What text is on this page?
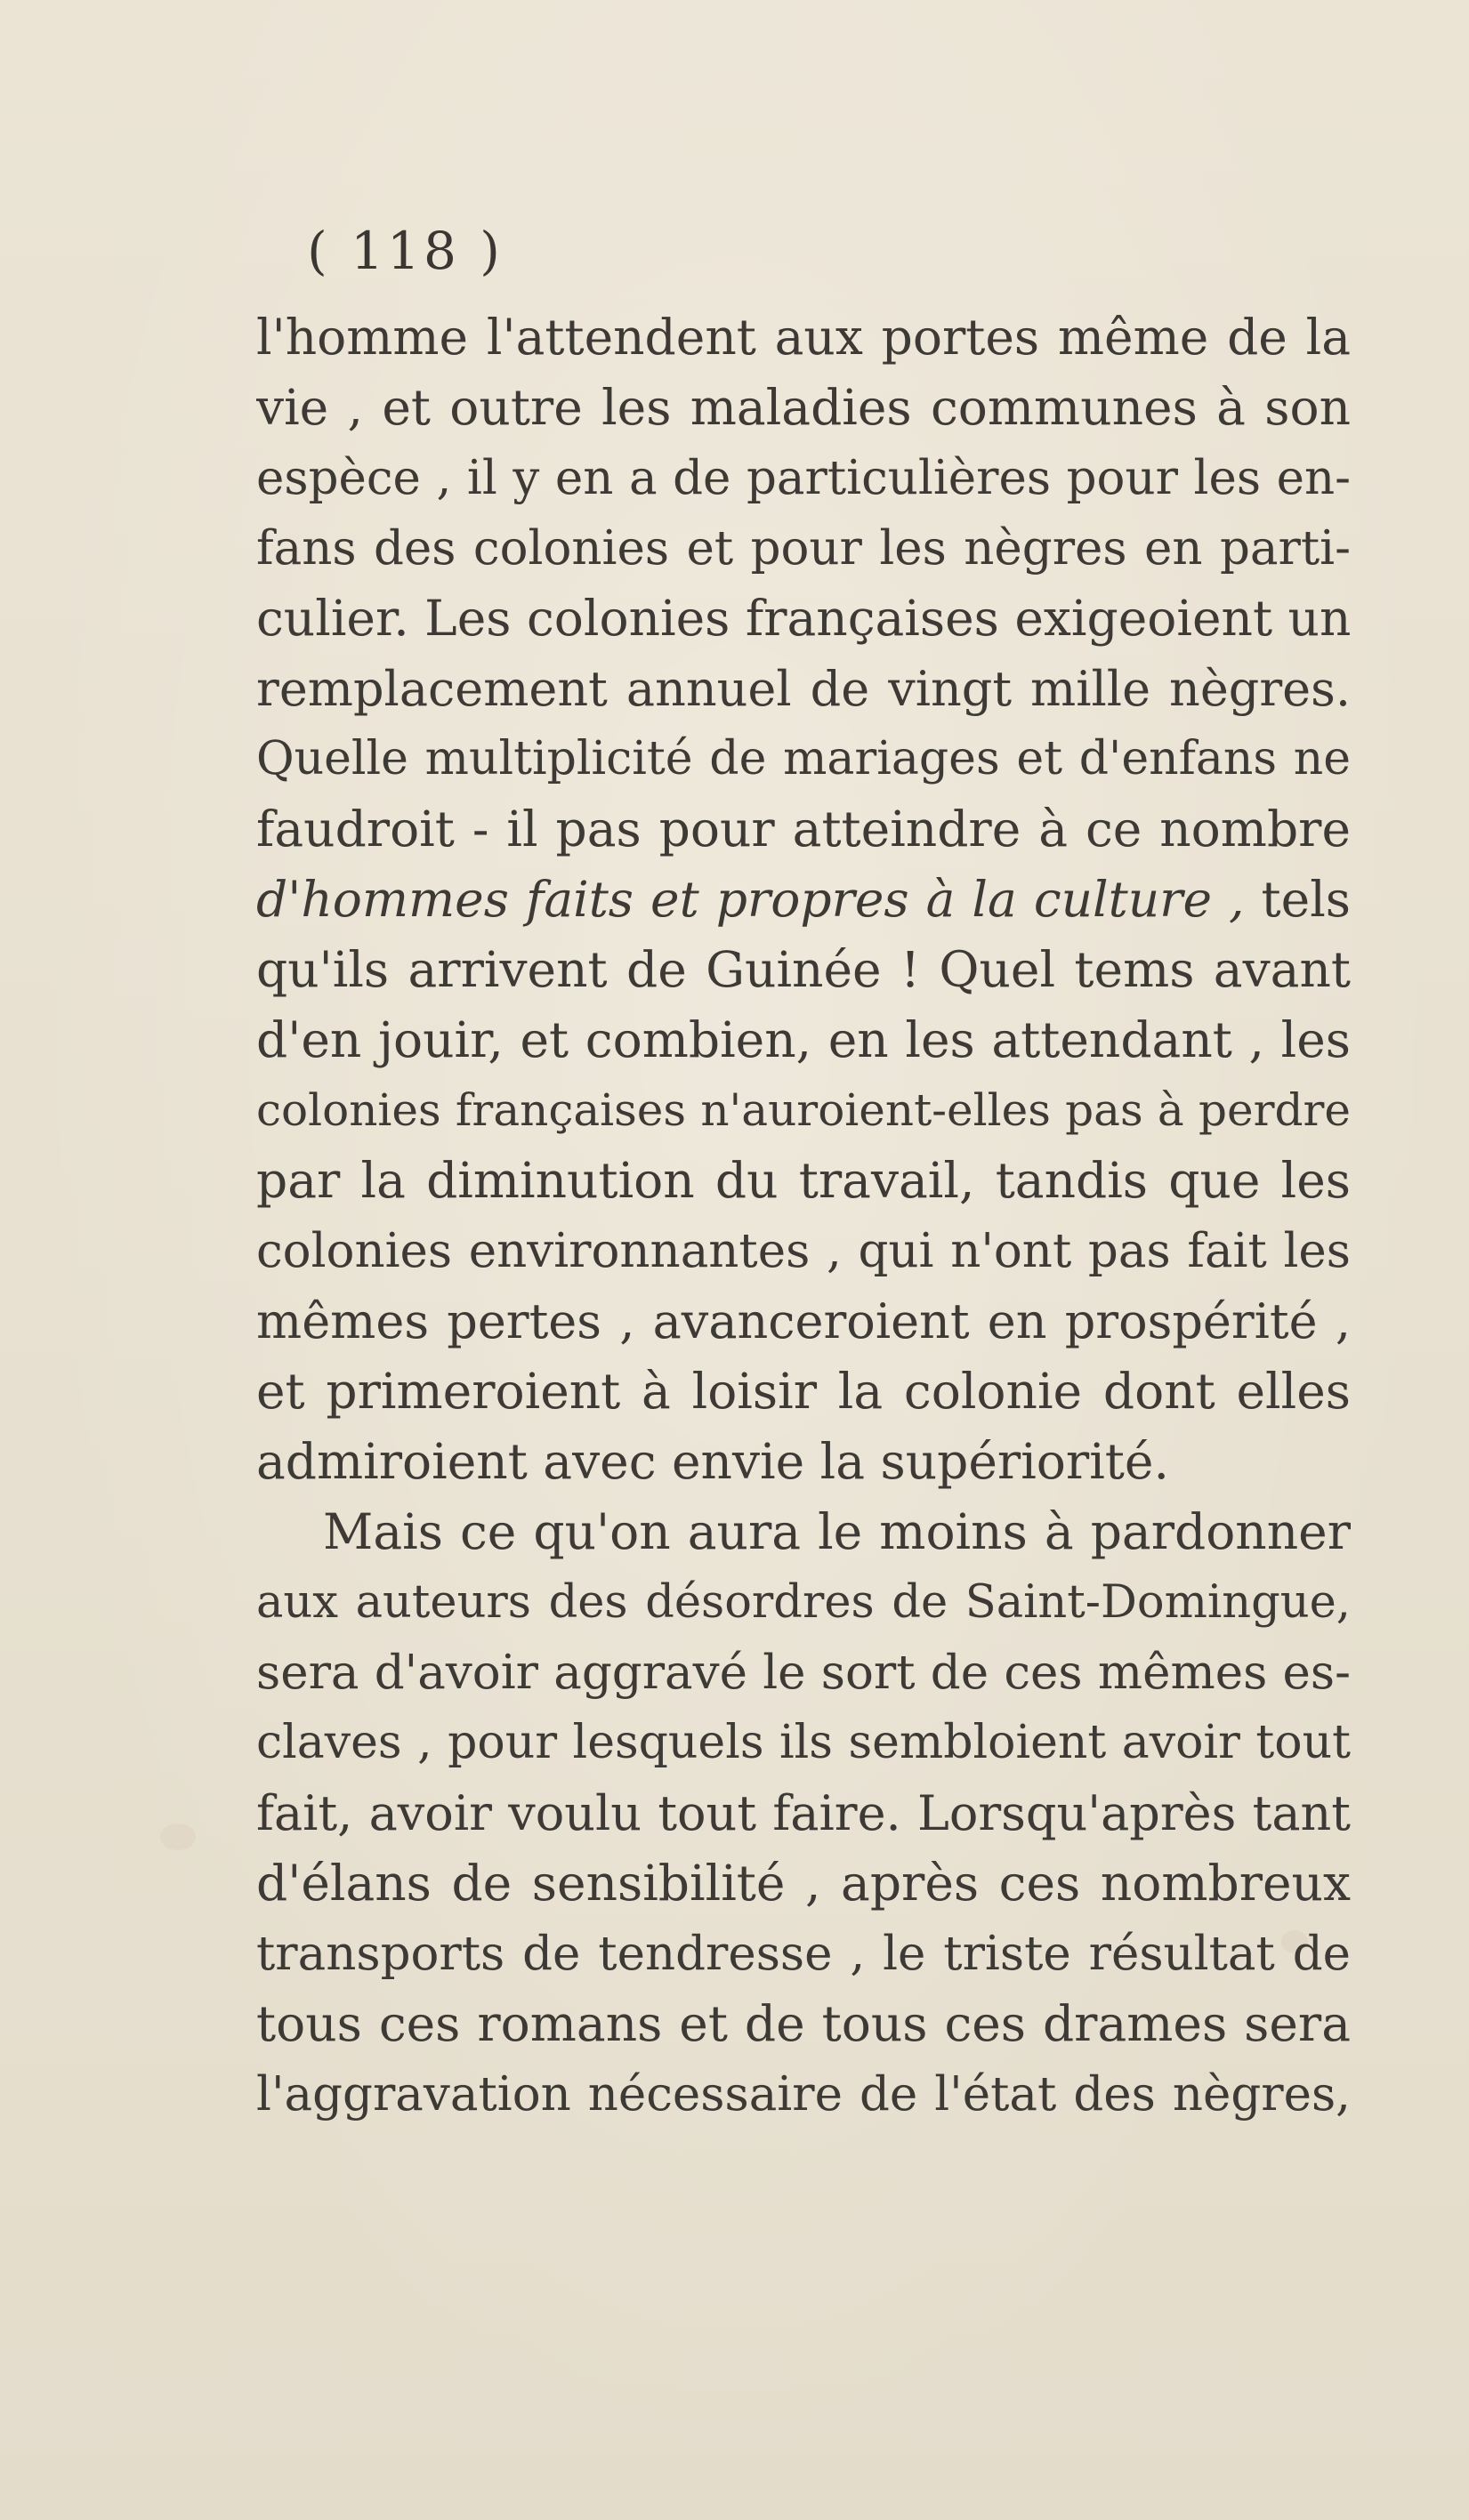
( 118 )
l'homme l'attendent aux portes même de la
vie , et outre les maladies communes à son
espèce , il y en a de particulières pour les en-
fans des colonies et pour les nègres en parti-
culier. Les colonies françaises exigeoient un
remplacement annuel de vingt mille nègres.
Quelle multiplicité de mariages et d'enfans ne
faudroit - il pas pour atteindre à ce nombre
d'hommes faits et propres à la culture , tels
qu'ils arrivent de Guinée ! Quel tems avant
d'en jouir, et combien, en les attendant , les
colonies françaises n'auroient-elles pas à perdre
par la diminution du travail, tandis que les
colonies environnantes , qui n'ont pas fait les
mêmes pertes , avanceroient en prospérité ,
et primeroient à loisir la colonie dont elles
admiroient avec envie la supériorité.
Mais ce qu'on aura le moins à pardonner
aux auteurs des désordres de Saint-Domingue,
sera d'avoir aggravé le sort de ces mêmes es-
claves , pour lesquels ils sembloient avoir tout
fait, avoir voulu tout faire. Lorsqu'après tant
d'élans de sensibilité , après ces nombreux
transports de tendresse , le triste résultat de
tous ces romans et de tous ces drames sera
l'aggravation nécessaire de l'état des nègres,
